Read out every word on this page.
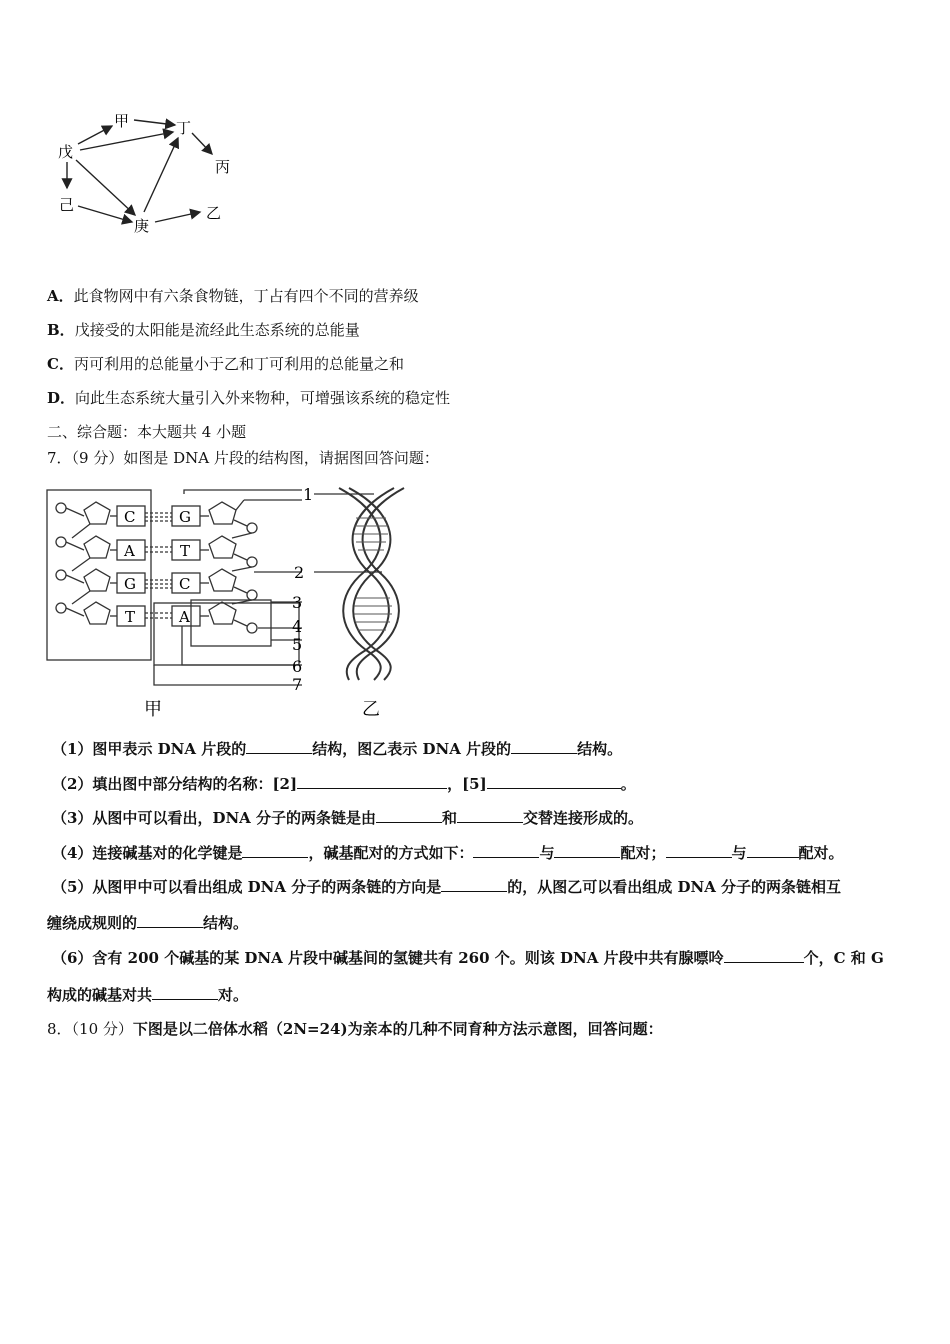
戊
甲	丁
丙
己
庚
乙
A．此食物网中有六条食物链，丁占有四个不同的营养级
B．戊接受的太阳能是流经此生态系统的总能量
C．丙可利用的总能量小于乙和丁可利用的总能量之和
D．向此生态系统大量引入外来物种，可增强该系统的稳定性
二、综合题：本大题共 4 小题
7．（9 分）如图是 DNA 片段的结构图，请据图回答问题：
C
A
G
T
G
T
C
A
1
2
3
4
5
6
7
甲	乙
（1）图甲表示 DNA 片段的	结构，图乙表示 DNA 片段的	结构。
（2）填出图中部分结构的名称：[2]	，[5]	。
（3）从图中可以看出，DNA 分子的两条链是由	和	交替连接形成的。
（4）连接碱基对的化学键是	，碱基配对的方式如下：	与	配对；	与	配对。
（5）从图甲中可以看出组成 DNA 分子的两条链的方向是	的，从图乙可以看出组成 DNA 分子的两条链相互
缠绕成规则的	结构。
（6）含有 200 个碱基的某 DNA 片段中碱基间的氢键共有 260 个。则该 DNA 片段中共有腺嘌呤	个，C 和 G
构成的碱基对共	对。
8．（10 分）下图是以二倍体水稻（2N=24)为亲本的几种不同育种方法示意图，回答问题：
